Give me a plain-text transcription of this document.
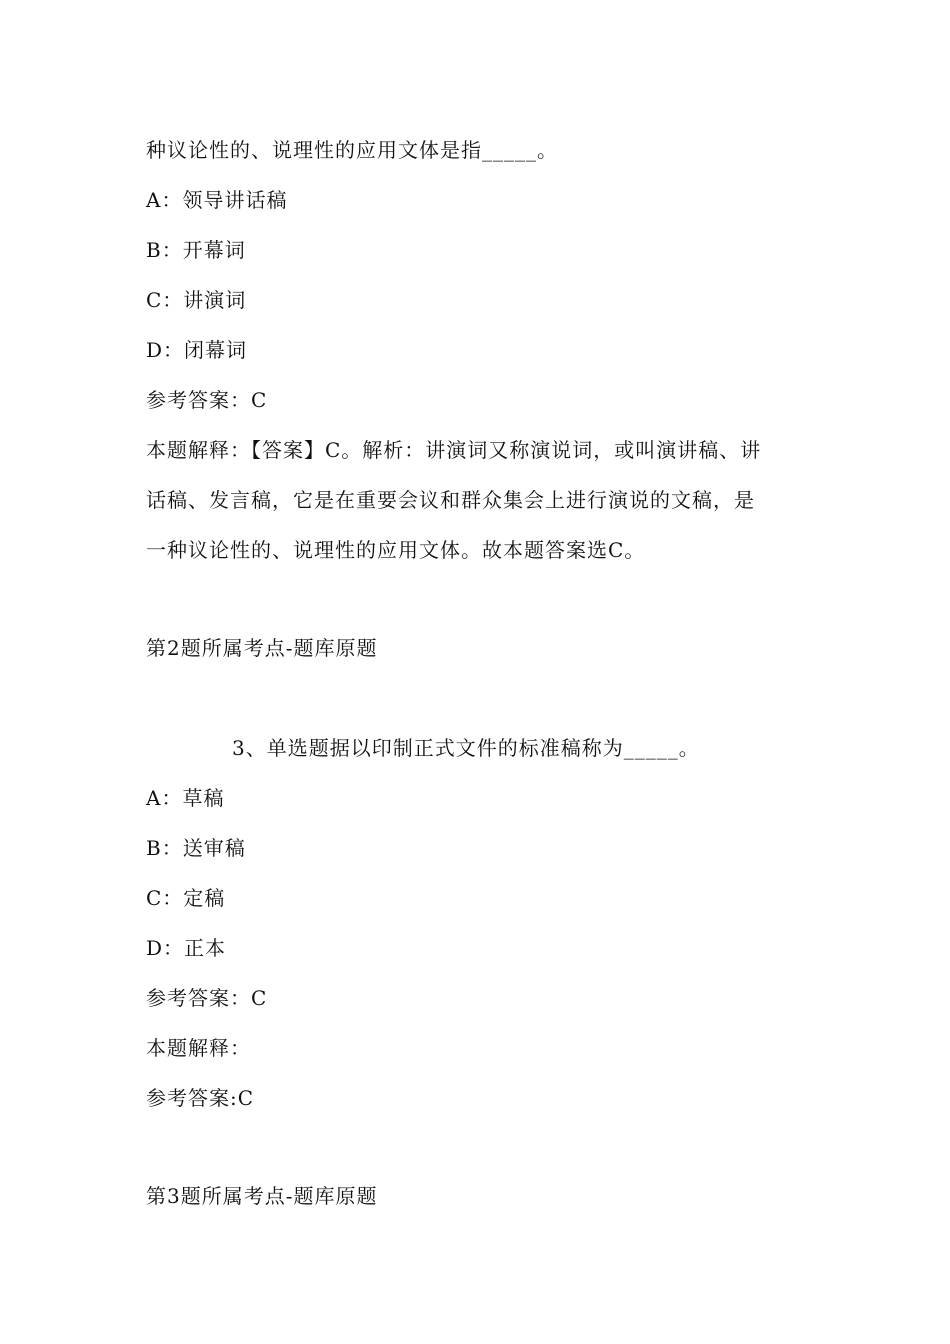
种议论性的、说理性的应用文体是指_____。
A：领导讲话稿
B：开幕词
C：讲演词
D：闭幕词
参考答案：C
本题解释：【答案】C。解析：讲演词又称演说词，或叫演讲稿、讲
话稿、发言稿，它是在重要会议和群众集会上进行演说的文稿，是
一种议论性的、说理性的应用文体。故本题答案选C。
第2题所属考点-题库原题
3、单选题据以印制正式文件的标准稿称为_____。
A：草稿
B：送审稿
C：定稿
D：正本
参考答案：C
本题解释：
参考答案:C
第3题所属考点-题库原题
